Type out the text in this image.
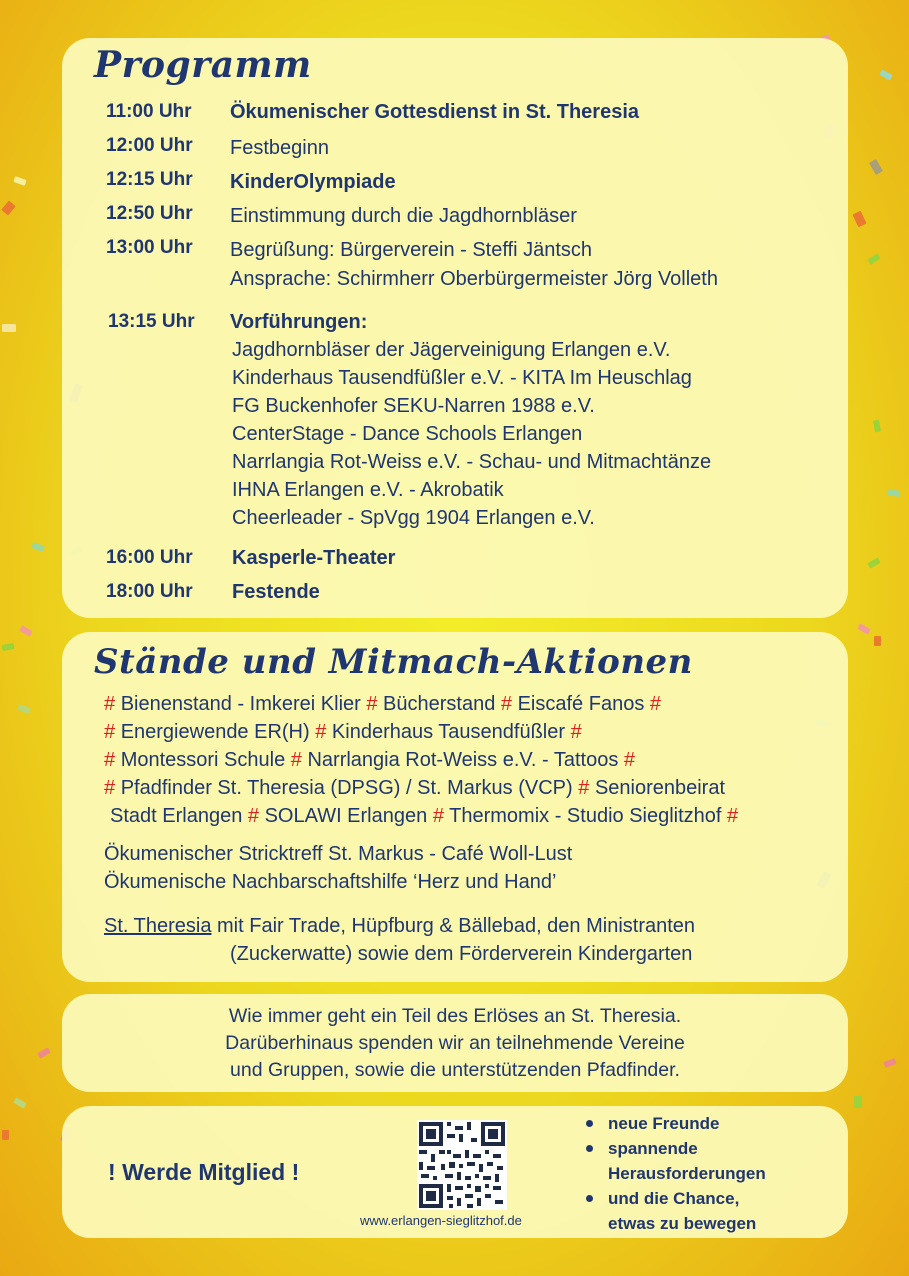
Programm
11:00 Uhr Ökumenischer Gottesdienst in St. Theresia
12:00 Uhr Festbeginn
12:15 Uhr KinderOlympiade
12:50 Uhr Einstimmung durch die Jagdhornbläser
13:00 Uhr Begrüßung: Bürgerverein - Steffi Jäntsch
Ansprache: Schirmherr Oberbürgermeister Jörg Volleth
13:15 Uhr Vorführungen:
Jagdhornbläser der Jägerveinigung Erlangen e.V.
Kinderhaus Tausendfüßler e.V. - KITA Im Heuschlag
FG Buckenhofer SEKU-Narren 1988 e.V.
CenterStage - Dance Schools Erlangen
Narrlangia Rot-Weiss e.V. - Schau- und Mitmachtänze
IHNA Erlangen e.V. - Akrobatik
Cheerleader - SpVgg 1904 Erlangen e.V.
16:00 Uhr Kasperle-Theater
18:00 Uhr Festende
Stände und Mitmach-Aktionen
# Bienenstand - Imkerei Klier # Bücherstand # Eiscafé Fanos #
# Energiewende ER(H) # Kinderhaus Tausendfüßler #
# Montessori Schule # Narrlangia Rot-Weiss e.V. - Tattoos #
# Pfadfinder St. Theresia (DPSG) / St. Markus (VCP) # Seniorenbeirat
Stadt Erlangen # SOLAWI Erlangen # Thermomix - Studio Sieglitzhof #
Ökumenischer Stricktreff St. Markus - Café Woll-Lust
Ökumenische Nachbarschaftshilfe ‘Herz und Hand’
St. Theresia mit Fair Trade, Hüpfburg & Bällebad, den Ministranten
(Zuckerwatte) sowie dem Förderverein Kindergarten
Wie immer geht ein Teil des Erlöses an St. Theresia.
Darüberhinaus spenden wir an teilnehmende Vereine
und Gruppen, sowie die unterstützenden Pfadfinder.
! Werde Mitglied !
www.erlangen-sieglitzhof.de
neue Freunde
spannende Herausforderungen
und die Chance, etwas zu bewegen
